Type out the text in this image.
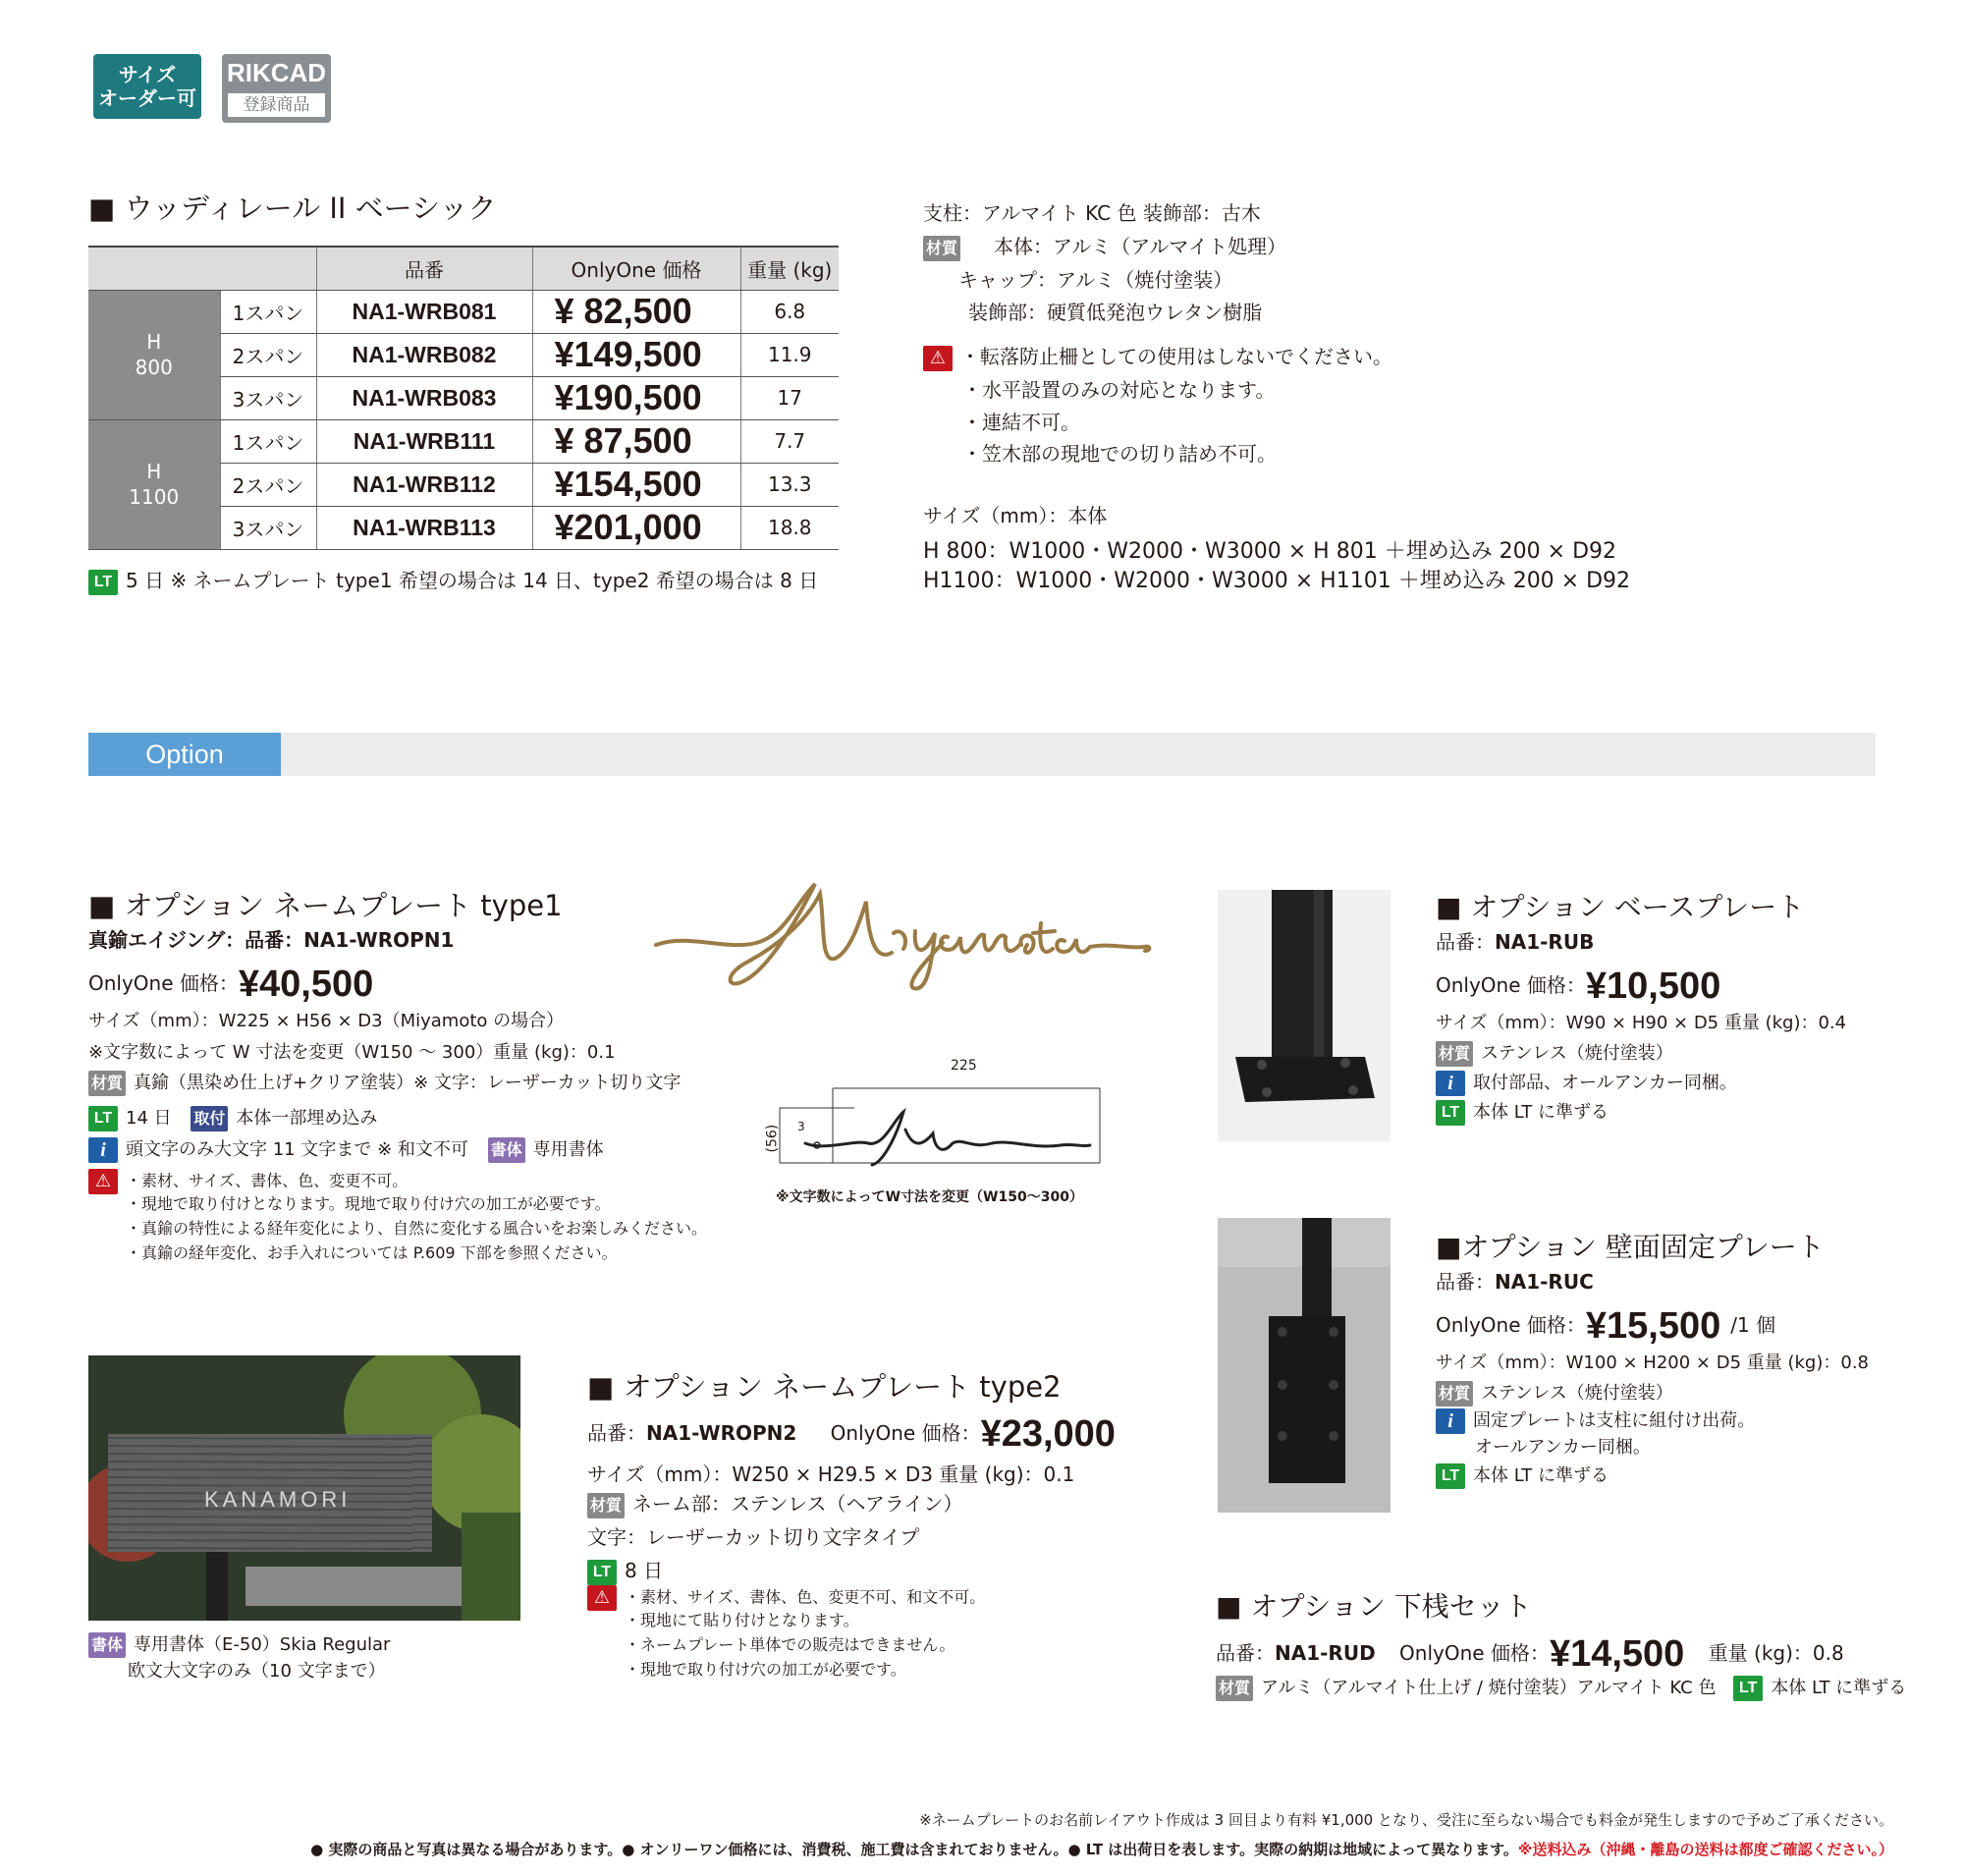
サイズ
オーダー可
RIKCAD
登録商品
■ ウッディレール II ベーシック
		品番	OnlyOne 価格	重量 (kg)

H
800	1スパン	NA1-WRB081	¥ 82,500	6.8
	2スパン	NA1-WRB082	¥149,500	11.9
	3スパン	NA1-WRB083	¥190,500	17

H
1100	1スパン	NA1-WRB111	¥ 87,500	7.7
	2スパン	NA1-WRB112	¥154,500	13.3
	3スパン	NA1-WRB113	¥201,000	18.8
LT 5 日 ※ ネームプレート type1 希望の場合は 14 日、type2 希望の場合は 8 日
支柱：アルマイト KC 色 装飾部：古木
材質 本体：アルミ（アルマイト処理）
キャップ：アルミ（焼付塗装）
装飾部：硬質低発泡ウレタン樹脂
⚠ ・転落防止柵としての使用はしないでください。
・水平設置のみの対応となります。
・連結不可。
・笠木部の現地での切り詰め不可。
サイズ（mm）：本体
H 800：W1000・W2000・W3000 × H 801 ＋埋め込み 200 × D92
H1100：W1000・W2000・W3000 × H1101 ＋埋め込み 200 × D92
Option
■ オプション ネームプレート type1
真鍮エイジング：品番：NA1-WROPN1
OnlyOne 価格：¥40,500
サイズ（mm）：W225 × H56 × D3（Miyamoto の場合）
※文字数によって W 寸法を変更（W150 ～ 300）重量 (kg)：0.1
材質 真鍮（黒染め仕上げ+クリア塗装）※ 文字：レーザーカット切り文字
LT 14 日 取付 本体一部埋め込み
i 頭文字のみ大文字 11 文字まで ※ 和文不可 書体 専用書体
⚠ ・素材、サイズ、書体、色、変更不可。
・現地で取り付けとなります。現地で取り付け穴の加工が必要です。
・真鍮の特性による経年変化により、自然に変化する風合いをお楽しみください。
・真鍮の経年変化、お手入れについては P.609 下部を参照ください。
225
(56) 3
※文字数によってW寸法を変更（W150～300）
KANAMORI
書体 専用書体（E-50）Skia Regular
欧文大文字のみ（10 文字まで）
■ オプション ネームプレート type2
品番：NA1-WROPN2 OnlyOne 価格：¥23,000
サイズ（mm）：W250 × H29.5 × D3 重量 (kg)：0.1
材質 ネーム部：ステンレス（ヘアライン）
文字：レーザーカット切り文字タイプ
LT 8 日
⚠ ・素材、サイズ、書体、色、変更不可、和文不可。
・現地にて貼り付けとなります。
・ネームプレート単体での販売はできません。
・現地で取り付け穴の加工が必要です。
■ オプション ベースプレート
品番：NA1-RUB
OnlyOne 価格：¥10,500
サイズ（mm）：W90 × H90 × D5 重量 (kg)：0.4
材質 ステンレス（焼付塗装）
i 取付部品、オールアンカー同梱。
LT 本体 LT に準ずる
■オプション 壁面固定プレート
品番：NA1-RUC
OnlyOne 価格：¥15,500 /1 個
サイズ（mm）：W100 × H200 × D5 重量 (kg)：0.8
材質 ステンレス（焼付塗装）
i 固定プレートは支柱に組付け出荷。
オールアンカー同梱。
LT 本体 LT に準ずる
■ オプション 下桟セット
品番：NA1-RUD OnlyOne 価格：¥14,500 重量 (kg)：0.8
材質 アルミ（アルマイト仕上げ / 焼付塗装）アルマイト KC 色 LT 本体 LT に準ずる
※ネームプレートのお名前レイアウト作成は 3 回目より有料 ¥1,000 となり、受注に至らない場合でも料金が発生しますので予めご了承ください。
● 実際の商品と写真は異なる場合があります。● オンリーワン価格には、消費税、施工費は含まれておりません。● LT は出荷日を表します。実際の納期は地域によって異なります。※送料込み（沖縄・離島の送料は都度ご確認ください。）
